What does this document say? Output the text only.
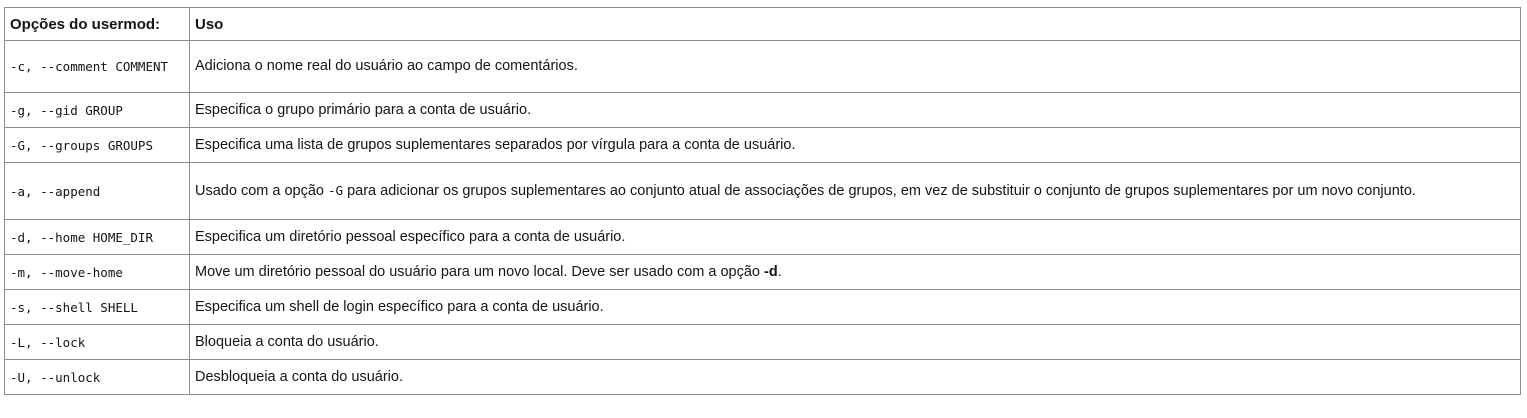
Opções do usermod:	Uso
-c, --comment COMMENT	Adiciona o nome real do usuário ao campo de comentários.
-g, --gid GROUP	Especifica o grupo primário para a conta de usuário.
-G, --groups GROUPS	Especifica uma lista de grupos suplementares separados por vírgula para a conta de usuário.
-a, --append	Usado com a opção -G para adicionar os grupos suplementares ao conjunto atual de associações de grupos, em vez de substituir o conjunto de grupos suplementares por um novo conjunto.
-d, --home HOME_DIR	Especifica um diretório pessoal específico para a conta de usuário.
-m, --move-home	Move um diretório pessoal do usuário para um novo local. Deve ser usado com a opção -d.
-s, --shell SHELL	Especifica um shell de login específico para a conta de usuário.
-L, --lock	Bloqueia a conta do usuário.
-U, --unlock	Desbloqueia a conta do usuário.
